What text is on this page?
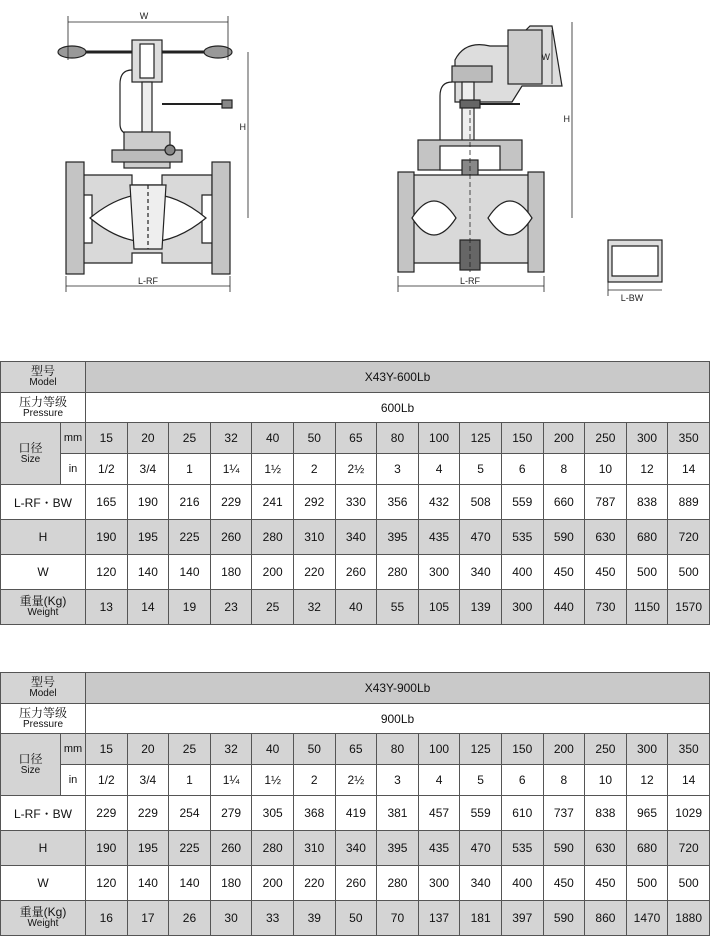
W
H
L-RF
W
H
L-RF
L-BW
型号
Model		X43Y-600Lb														

压力等级
Pressure		600Lb														

口径
Size	mm	15	20	25	32	40	50	65	80	100	125	150	200	250	300	350
	in	1/2	3/4	1	1¼	1½	2	2½	3	4	5	6	8	10	12	14
L-RF・BW		165	190	216	229	241	292	330	356	432	508	559	660	787	838	889
H		190	195	225	260	280	310	340	395	435	470	535	590	630	680	720
W		120	140	140	180	200	220	260	280	300	340	400	450	450	500	500

重量(Kg)
Weight		13	14	19	23	25	32	40	55	105	139	300	440	730	1150	1570
型号
Model		X43Y-900Lb														

压力等级
Pressure		900Lb														

口径
Size	mm	15	20	25	32	40	50	65	80	100	125	150	200	250	300	350
	in	1/2	3/4	1	1¼	1½	2	2½	3	4	5	6	8	10	12	14
L-RF・BW		229	229	254	279	305	368	419	381	457	559	610	737	838	965	1029
H		190	195	225	260	280	310	340	395	435	470	535	590	630	680	720
W		120	140	140	180	200	220	260	280	300	340	400	450	450	500	500

重量(Kg)
Weight		16	17	26	30	33	39	50	70	137	181	397	590	860	1470	1880
